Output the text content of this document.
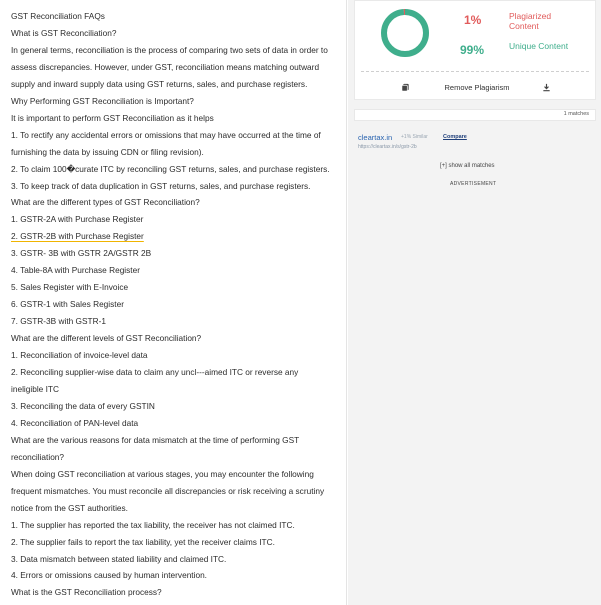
GST Reconciliation FAQs
What is GST Reconciliation?
In general terms, reconciliation is the process of comparing two sets of data in order to
assess discrepancies. However, under GST, reconciliation means matching outward
supply and inward supply data using GST returns, sales, and purchase registers.
Why Performing GST Reconciliation is Important?
It is important to perform GST Reconciliation as it helps
1. To rectify any accidental errors or omissions that may have occurred at the time of
furnishing the data by issuing CDN or filing revision).
2. To claim 100�curate ITC by reconciling GST returns, sales, and purchase registers.
3. To keep track of data duplication in GST returns, sales, and purchase registers.
What are the different types of GST Reconciliation?
1. GSTR-2A with Purchase Register
2. GSTR-2B with Purchase Register
3. GSTR- 3B with GSTR 2A/GSTR 2B
4. Table-8A with Purchase Register
5. Sales Register with E-Invoice
6. GSTR-1 with Sales Register
7. GSTR-3B with GSTR-1
What are the different levels of GST Reconciliation?
1. Reconciliation of invoice-level data
2. Reconciling supplier-wise data to claim any uncl---aimed ITC or reverse any
ineligible ITC
3. Reconciling the data of every GSTIN
4. Reconciliation of PAN-level data
What are the various reasons for data mismatch at the time of performing GST
reconciliation?
When doing GST reconciliation at various stages, you may encounter the following
frequent mismatches. You must reconcile all discrepancies or risk receiving a scrutiny
notice from the GST authorities.
1. The supplier has reported the tax liability, the receiver has not claimed ITC.
2. The supplier fails to report the tax liability, yet the receiver claims ITC.
3. Data mismatch between stated liability and claimed ITC.
4. Errors or omissions caused by human intervention.
What is the GST Reconciliation process?
1%	Plagiarized Content
99%	Unique Content
Remove Plagiarism
1 matches
cleartax.in +1% Similar	Compare
https://cleartax.in/s/gstr-2b
[+] show all matches
ADVERTISEMENT
